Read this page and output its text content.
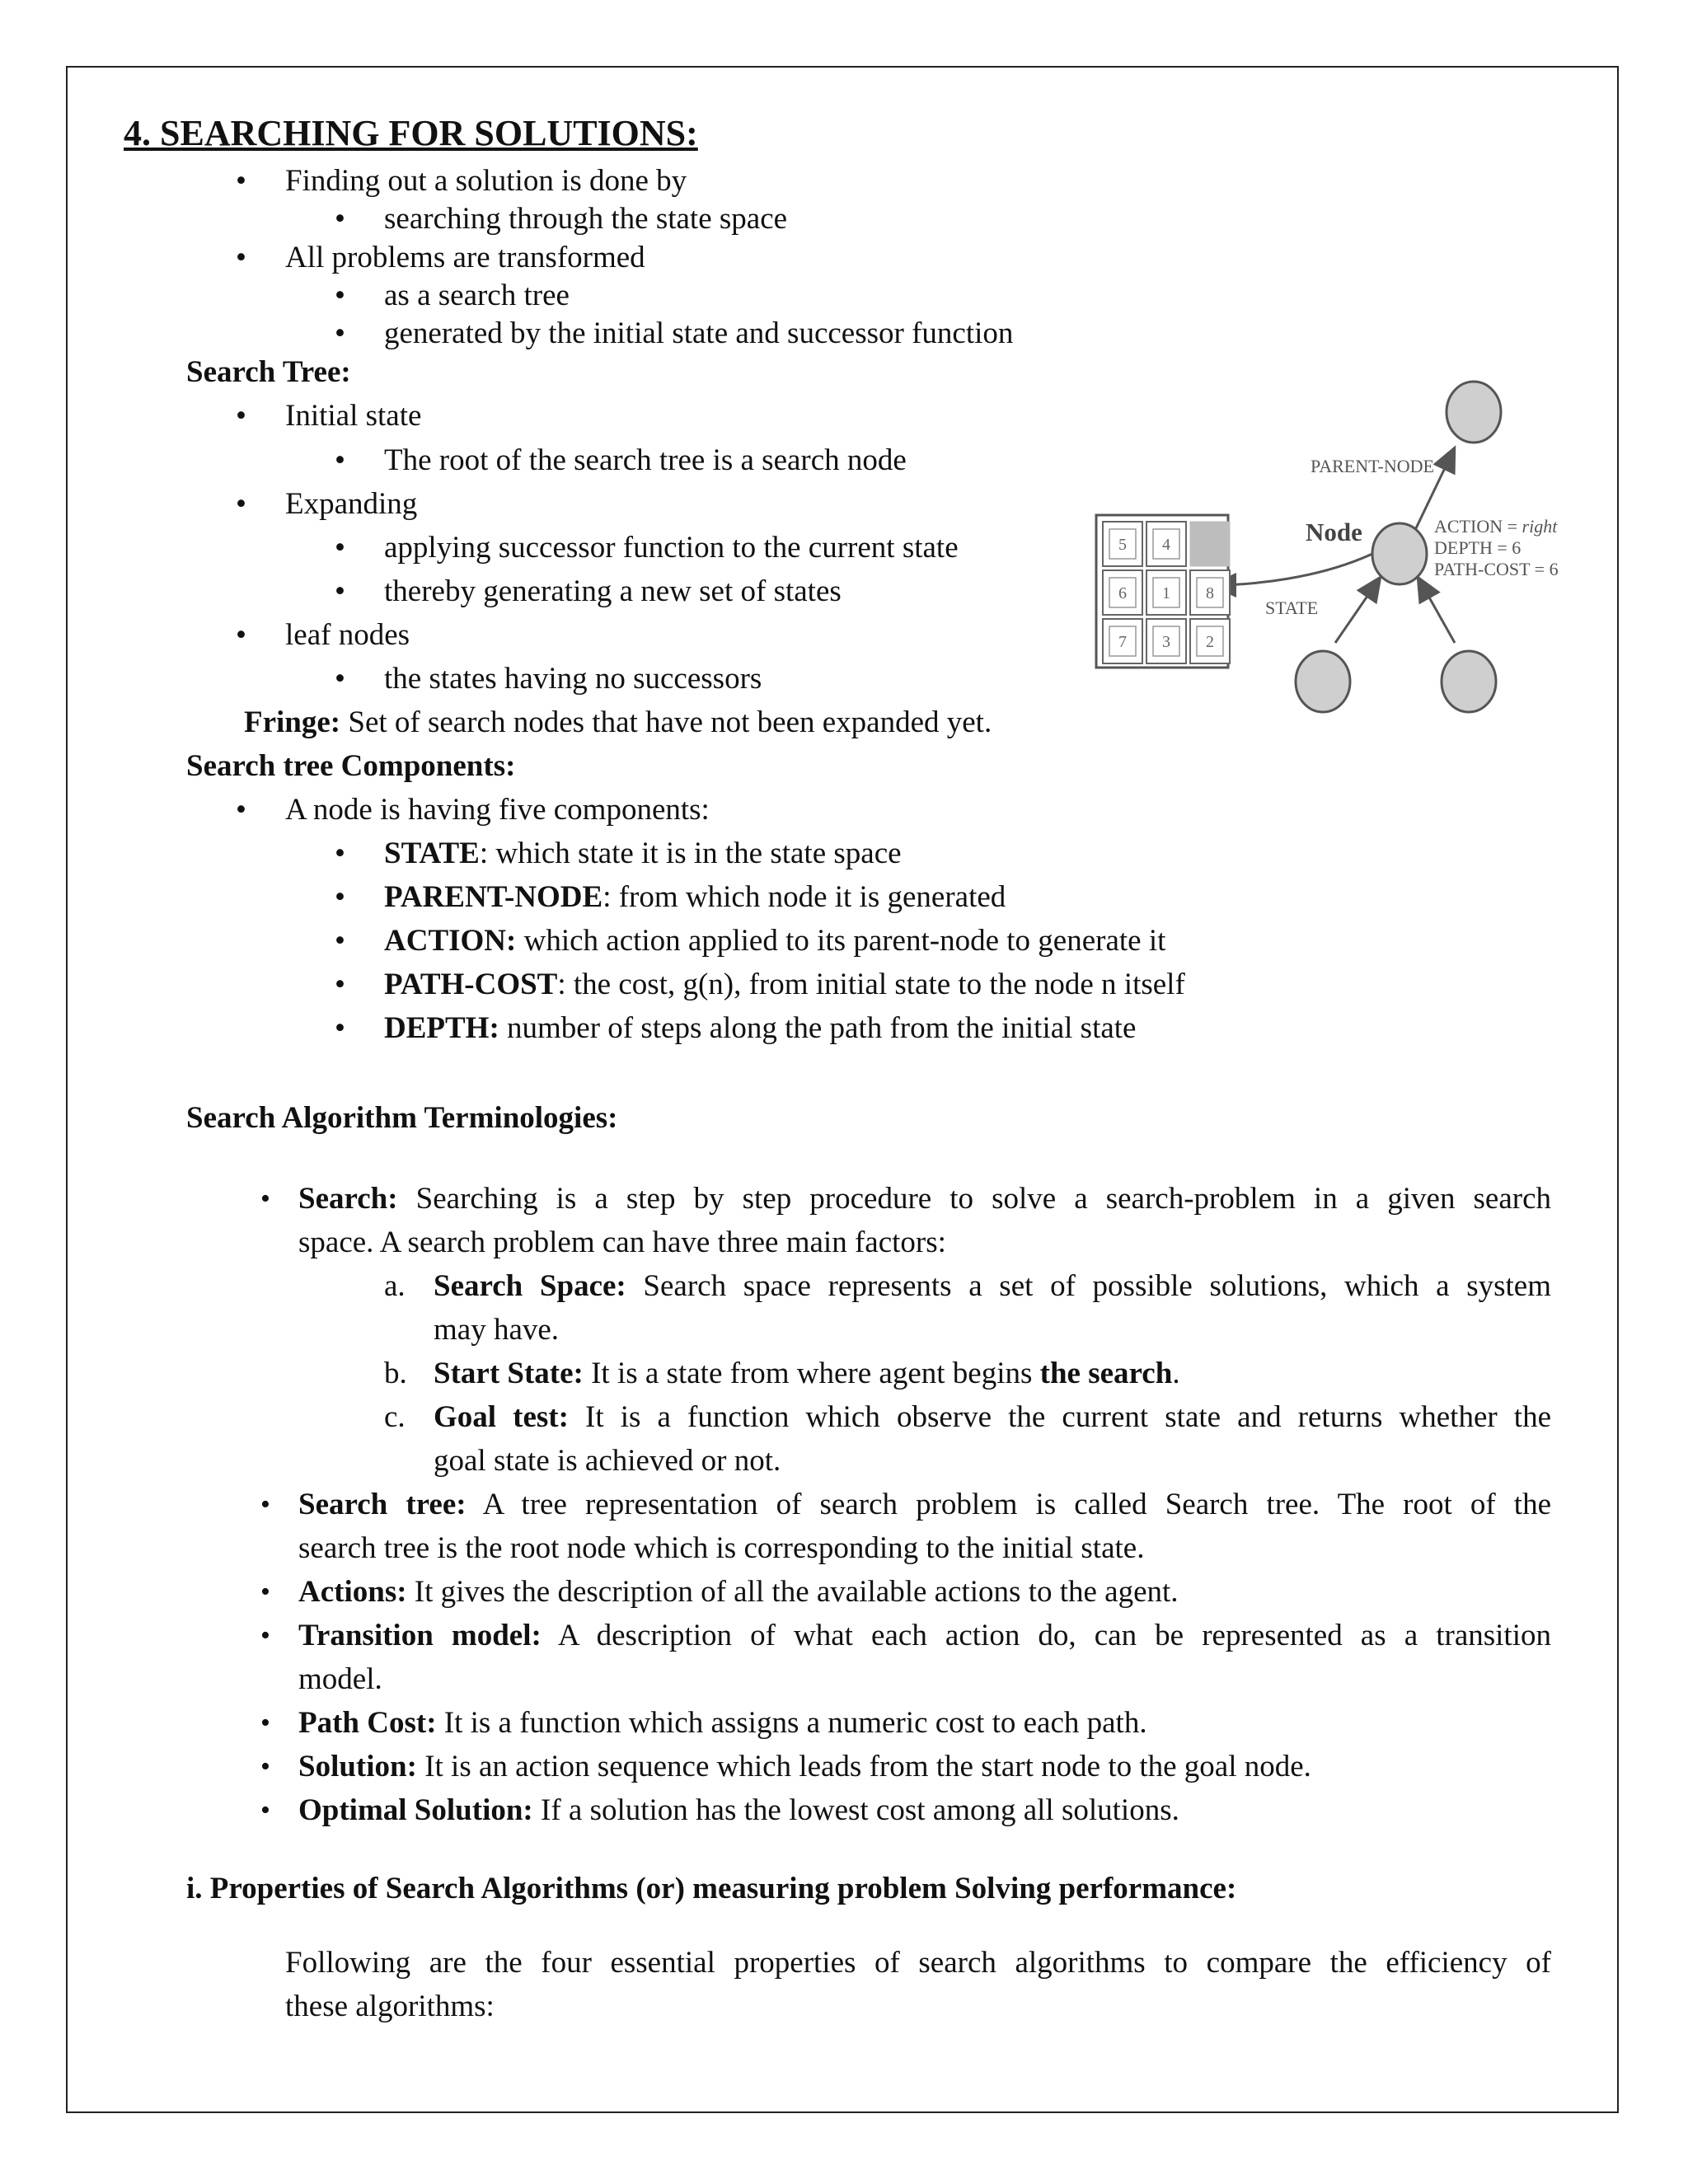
4. SEARCHING FOR SOLUTIONS:
• Finding out a solution is done by
• searching through the state space
• All problems are transformed
• as a search tree
• generated by the initial state and successor function
Search Tree:
• Initial state
• The root of the search tree is a search node
• Expanding
• applying successor function to the current state
• thereby generating a new set of states
• leaf nodes
• the states having no successors
Fringe: Set of search nodes that have not been expanded yet.
5 4
6 1 8
7 3 2
PARENT-NODE
Node
STATE
ACTION = right
DEPTH = 6
PATH-COST = 6
Search tree Components:
• A node is having five components:
• STATE: which state it is in the state space
• PARENT-NODE: from which node it is generated
• ACTION: which action applied to its parent-node to generate it
• PATH-COST: the cost, g(n), from initial state to the node n itself
• DEPTH: number of steps along the path from the initial state
Search Algorithm Terminologies:
• Search: Searching is a step by step procedure to solve a search-problem in a given search
space. A search problem can have three main factors:
a. Search Space: Search space represents a set of possible solutions, which a system
may have.
b. Start State: It is a state from where agent begins the search.
c. Goal test: It is a function which observe the current state and returns whether the
goal state is achieved or not.
• Search tree: A tree representation of search problem is called Search tree. The root of the
search tree is the root node which is corresponding to the initial state.
• Actions: It gives the description of all the available actions to the agent.
• Transition model: A description of what each action do, can be represented as a transition
model.
• Path Cost: It is a function which assigns a numeric cost to each path.
• Solution: It is an action sequence which leads from the start node to the goal node.
• Optimal Solution: If a solution has the lowest cost among all solutions.
i. Properties of Search Algorithms (or) measuring problem Solving performance:
Following are the four essential properties of search algorithms to compare the efficiency of
these algorithms:
